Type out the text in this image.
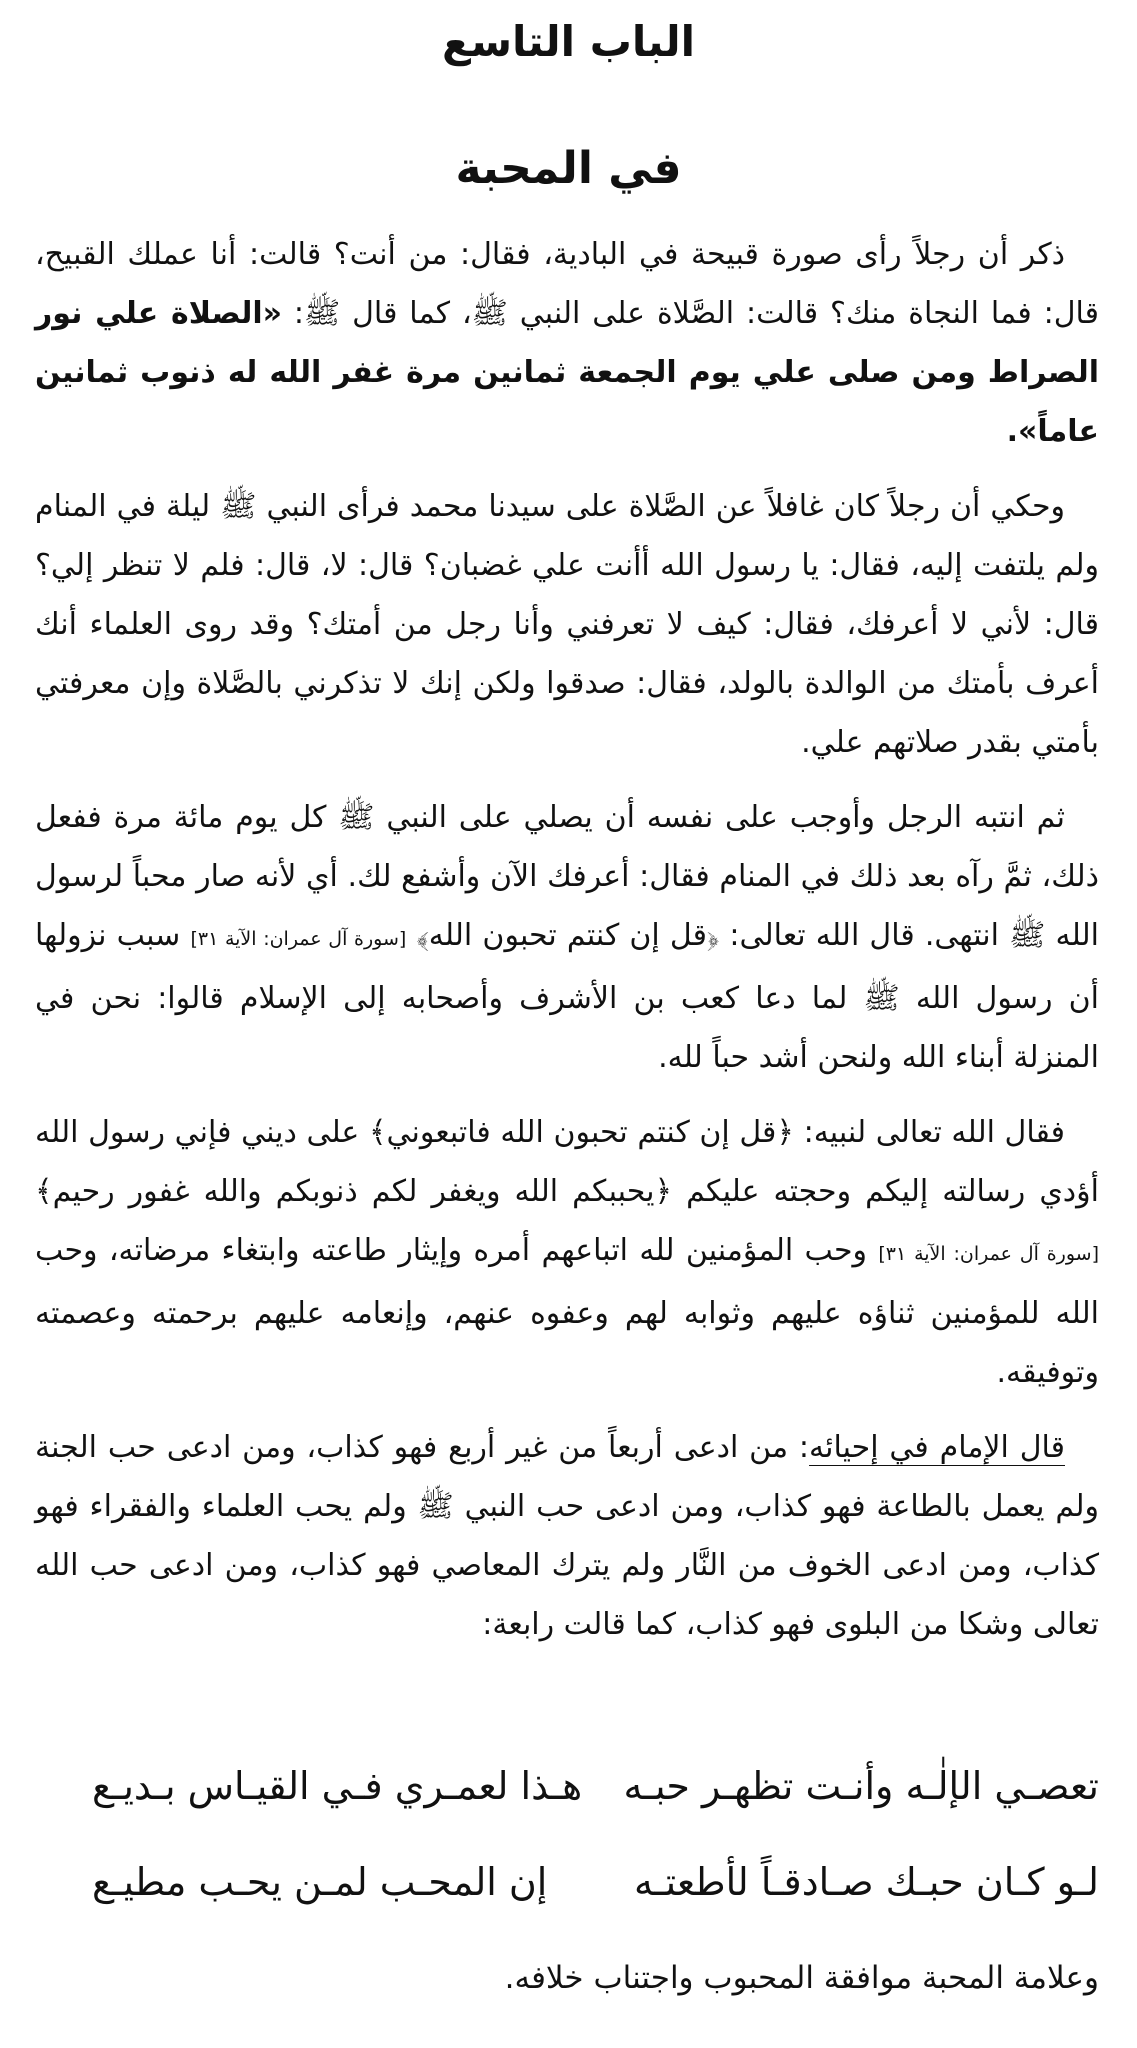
الباب التاسع
في المحبة

ذكر أن رجلاً رأى صورة قبيحة في البادية، فقال: من أنت؟ قالت: أنا عملك القبيح، قال: فما النجاة منك؟ قالت: الصَّلاة على النبي ﷺ، كما قال ﷺ: «الصلاة علي نور الصراط ومن صلى علي يوم الجمعة ثمانين مرة غفر الله له ذنوب ثمانين عاماً».

وحكي أن رجلاً كان غافلاً عن الصَّلاة على سيدنا محمد فرأى النبي ﷺ ليلة في المنام ولم يلتفت إليه، فقال: يا رسول الله أأنت علي غضبان؟ قال: لا، قال: فلم لا تنظر إلي؟ قال: لأني لا أعرفك، فقال: كيف لا تعرفني وأنا رجل من أمتك؟ وقد روى العلماء أنك أعرف بأمتك من الوالدة بالولد، فقال: صدقوا ولكن إنك لا تذكرني بالصَّلاة وإن معرفتي بأمتي بقدر صلاتهم علي.

ثم انتبه الرجل وأوجب على نفسه أن يصلي على النبي ﷺ كل يوم مائة مرة ففعل ذلك، ثمَّ رآه بعد ذلك في المنام فقال: أعرفك الآن وأشفع لك. أي لأنه صار محباً لرسول الله ﷺ انتهى. قال الله تعالى: ﴿قل إن كنتم تحبون الله﴾ [سورة آل عمران: الآية ٣١] سبب نزولها أن رسول الله ﷺ لما دعا كعب بن الأشرف وأصحابه إلى الإسلام قالوا: نحن في المنزلة أبناء الله ولنحن أشد حباً لله.

فقال الله تعالى لنبيه: ﴿قل إن كنتم تحبون الله فاتبعوني﴾ على ديني فإني رسول الله أؤدي رسالته إليكم وحجته عليكم ﴿يحببكم الله ويغفر لكم ذنوبكم والله غفور رحيم﴾ [سورة آل عمران: الآية ٣١] وحب المؤمنين لله اتباعهم أمره وإيثار طاعته وابتغاء مرضاته، وحب الله للمؤمنين ثناؤه عليهم وثوابه لهم وعفوه عنهم، وإنعامه عليهم برحمته وعصمته وتوفيقه.

قال الإمام في إحيائه: من ادعى أربعاً من غير أربع فهو كذاب، ومن ادعى حب الجنة ولم يعمل بالطاعة فهو كذاب، ومن ادعى حب النبي ﷺ ولم يحب العلماء والفقراء فهو كذاب، ومن ادعى الخوف من النَّار ولم يترك المعاصي فهو كذاب، ومن ادعى حب الله تعالى وشكا من البلوى فهو كذاب، كما قالت رابعة:

تعصـي الإلٰـه وأنـت تظهـر حبـه
هـذا لعمـري فـي القيـاس بـديـع
لـو كـان حبـك صـادقـاً لأطعتـه
إن المحـب لمـن يحـب مطيـع
وعلامة المحبة موافقة المحبوب واجتناب خلافه.
